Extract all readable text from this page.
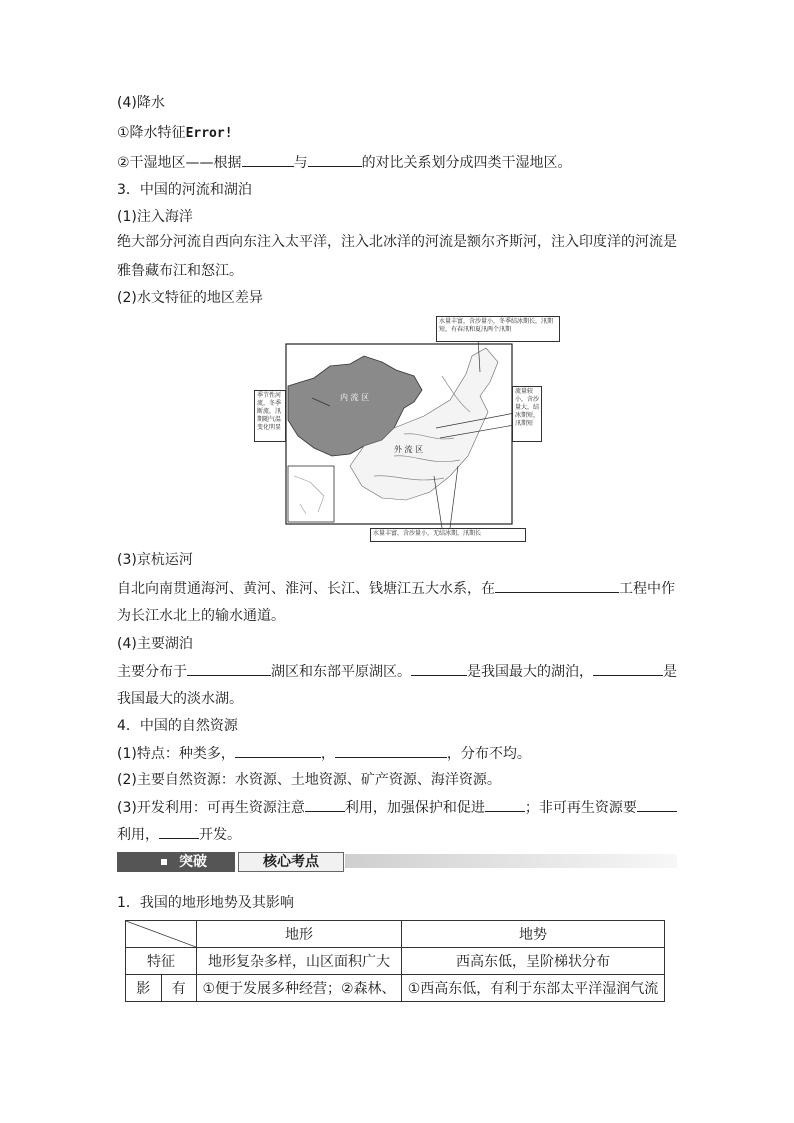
(4)降水
①降水特征Error!
②干湿地区——根据	与	的对比关系划分成四类干湿地区。
3．中国的河流和湖泊
(1)注入海洋
绝大部分河流自西向东注入太平洋，注入北冰洋的河流是额尔齐斯河，注入印度洋的河流是
雅鲁藏布江和怒江。
(2)水文特征的地区差异
内 流 区
外 流 区
水量丰富，含沙量小，冬季结冰期长，汛期短，有春汛和夏汛两个汛期
季节性河流，冬季断流，汛期随气温变化明显
流量较小，含沙量大，结冰期短，汛期短
水量丰富，含沙量小，无结冰期，汛期长
(3)京杭运河
自北向南贯通海河、黄河、淮河、长江、钱塘江五大水系，在	工程中作
为长江水北上的输水通道。
(4)主要湖泊
主要分布于	湖区和东部平原湖区。	是我国最大的湖泊，	是
我国最大的淡水湖。
4．中国的自然资源
(1)特点：种类多，	，	，分布不均。
(2)主要自然资源：水资源、土地资源、矿产资源、海洋资源。
(3)开发利用：可再生资源注意	利用，加强保护和促进	；非可再生资源要
利用，	开发。
突破	核心考点
1．我国的地形地势及其影响
	地形	地势
特征		地形复杂多样，山区面积广大	西高东低，呈阶梯状分布
影	有	①便于发展多种经营；②森林、	①西高东低，有利于东部太平洋湿润气流
